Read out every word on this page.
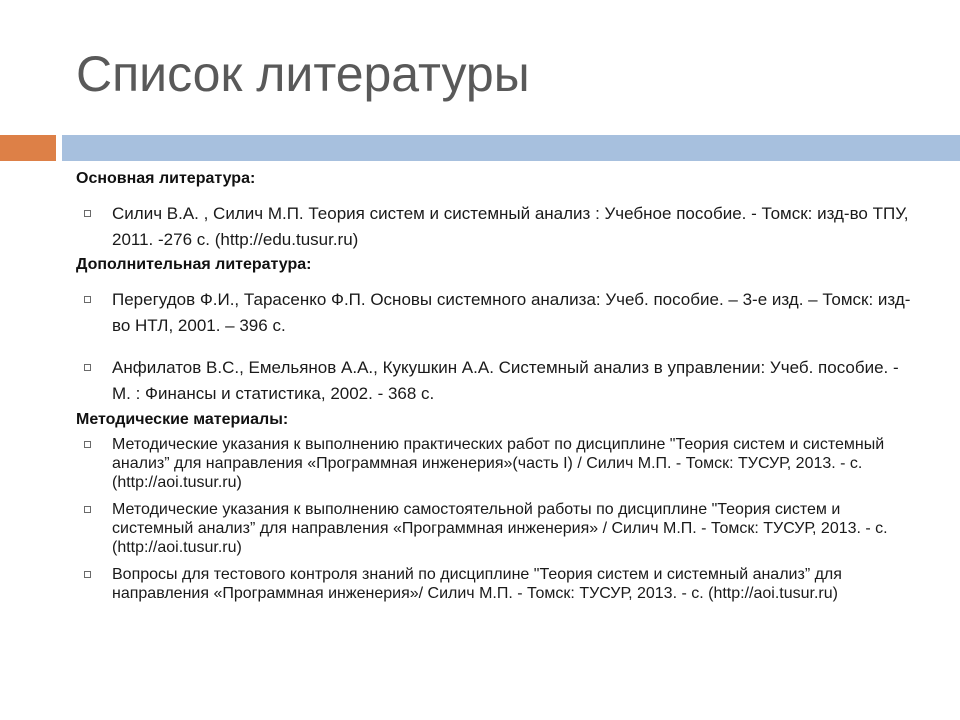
Список литературы
Основная литература:
Силич В.А. , Силич М.П. Теория систем и системный анализ : Учебное пособие. - Томск: изд-во ТПУ, 2011. -276 с. (http://edu.tusur.ru)
Дополнительная литература:
Перегудов Ф.И., Тарасенко Ф.П. Основы системного анализа: Учеб. пособие. – 3-е изд. – Томск: изд-во НТЛ, 2001. – 396 с.
Анфилатов В.С., Емельянов А.А., Кукушкин А.А. Системный анализ в управлении: Учеб. пособие. - М. : Финансы и статистика, 2002. - 368 с.
Методические материалы:
Методические указания к выполнению практических работ по дисциплине "Теория систем и системный анализ” для направления «Программная инженерия»(часть I) / Силич М.П. - Томск: ТУСУР, 2013. - с. (http://aoi.tusur.ru)
Методические указания к выполнению самостоятельной работы по дисциплине "Теория систем и системный анализ” для направления «Программная инженерия» / Силич М.П. - Томск: ТУСУР, 2013. - с. (http://aoi.tusur.ru)
Вопросы для тестового контроля знаний по дисциплине "Теория систем и системный анализ” для направления «Программная инженерия»/ Силич М.П. - Томск: ТУСУР, 2013. - с. (http://aoi.tusur.ru)
